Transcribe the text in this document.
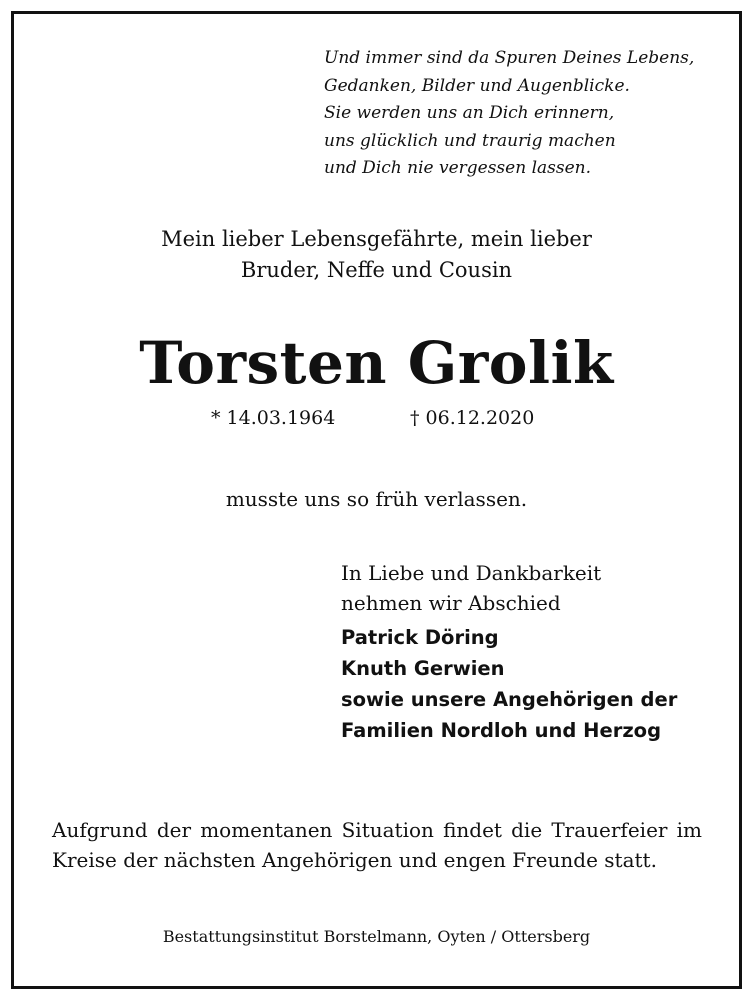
Und immer sind da Spuren Deines Lebens,
Gedanken, Bilder und Augenblicke.
Sie werden uns an Dich erinnern,
uns glücklich und traurig machen
und Dich nie vergessen lassen.
Mein lieber Lebensgefährte, mein lieber
Bruder, Neffe und Cousin
Torsten Grolik
* 14.03.1964	† 06.12.2020
musste uns so früh verlassen.
In Liebe und Dankbarkeit
nehmen wir Abschied
Patrick Döring
Knuth Gerwien
sowie unsere Angehörigen der
Familien Nordloh und Herzog

Aufgrund der momentanen Situation findet die Trauerfeier im Kreise der nächsten Angehörigen und engen Freunde statt.

Bestattungsinstitut Borstelmann, Oyten / Ottersberg
